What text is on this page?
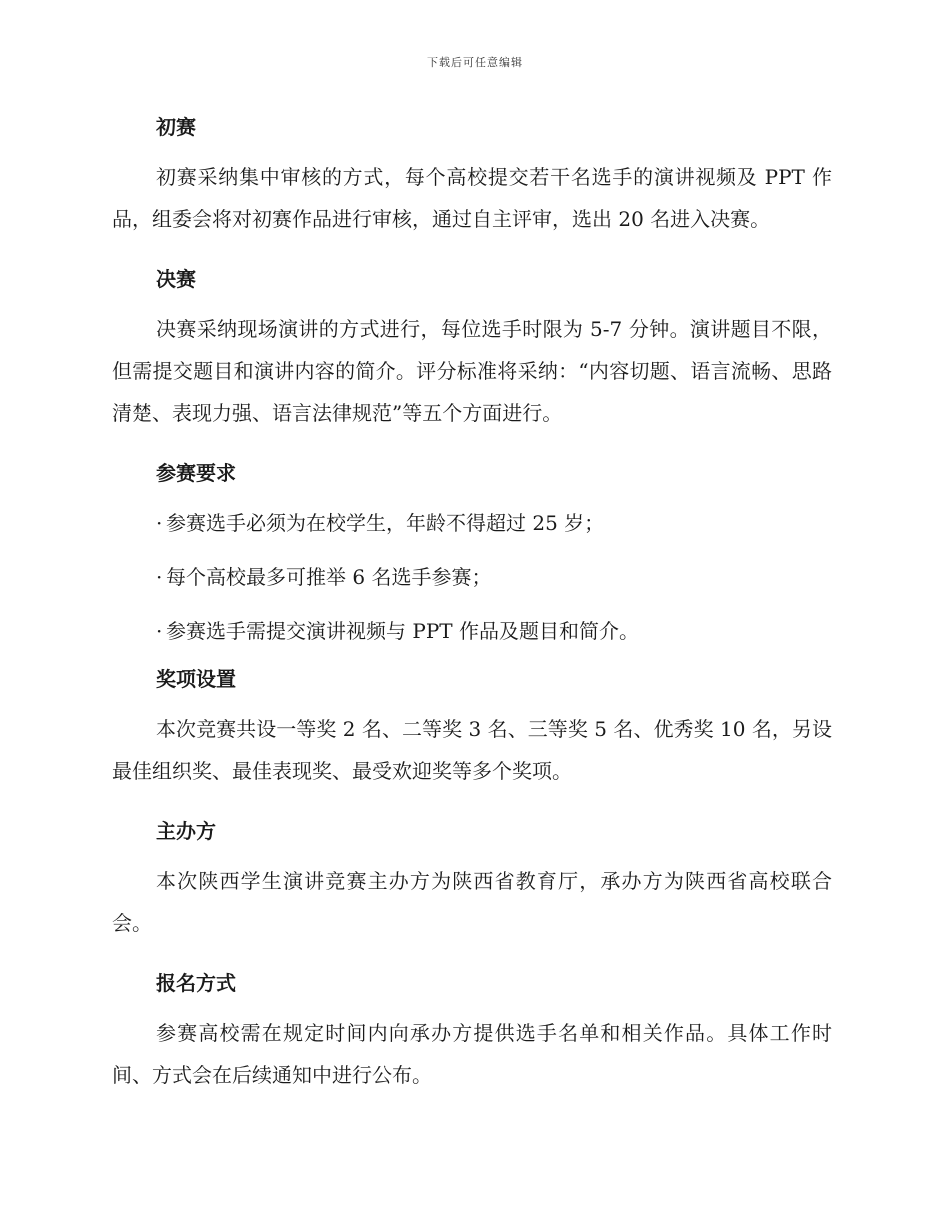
下载后可任意编辑
初赛
初赛采纳集中审核的方式，每个高校提交若干名选手的演讲视频及 PPT 作品，组委会将对初赛作品进行审核，通过自主评审，选出 20 名进入决赛。
决赛
决赛采纳现场演讲的方式进行，每位选手时限为 5-7 分钟。演讲题目不限，但需提交题目和演讲内容的简介。评分标准将采纳：“内容切题、语言流畅、思路清楚、表现力强、语言法律规范”等五个方面进行。
参赛要求
· 参赛选手必须为在校学生，年龄不得超过 25 岁；
· 每个高校最多可推举 6 名选手参赛；
· 参赛选手需提交演讲视频与 PPT 作品及题目和简介。
奖项设置
本次竞赛共设一等奖 2 名、二等奖 3 名、三等奖 5 名、优秀奖 10 名，另设最佳组织奖、最佳表现奖、最受欢迎奖等多个奖项。
主办方
本次陕西学生演讲竞赛主办方为陕西省教育厅，承办方为陕西省高校联合会。
报名方式
参赛高校需在规定时间内向承办方提供选手名单和相关作品。具体工作时间、方式会在后续通知中进行公布。
